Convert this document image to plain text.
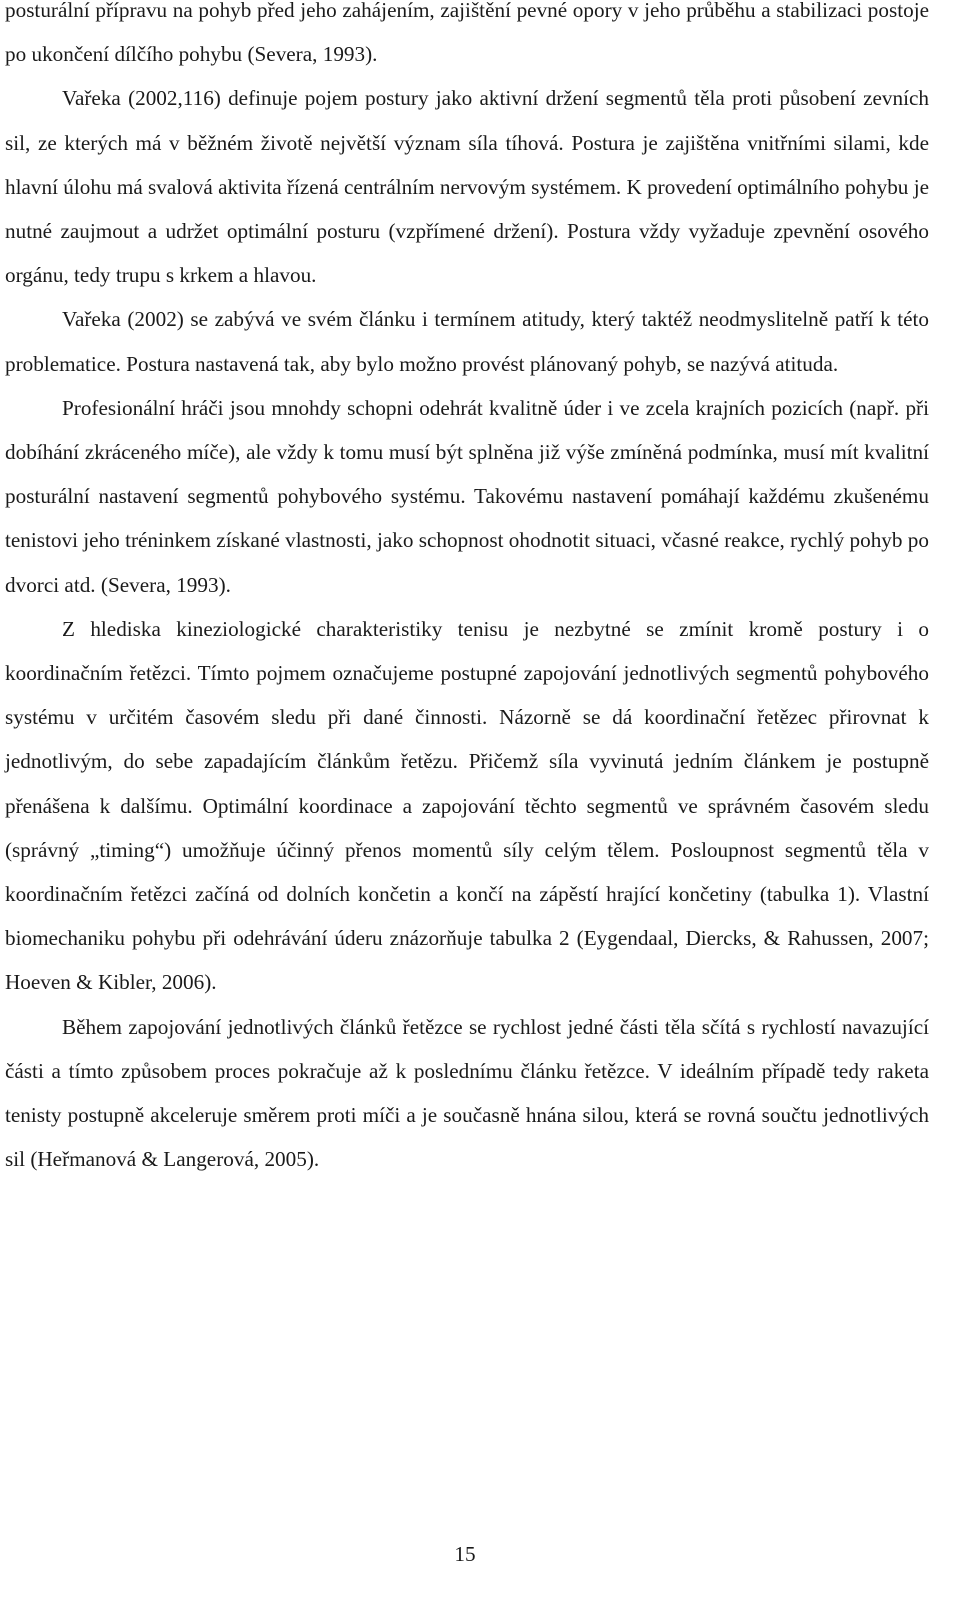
posturální přípravu na pohyb před jeho zahájením, zajištění pevné opory v jeho průběhu a stabilizaci postoje po ukončení dílčího pohybu (Severa, 1993).

Vařeka (2002,116) definuje pojem postury jako aktivní držení segmentů těla proti působení zevních sil, ze kterých má v běžném životě největší význam síla tíhová. Postura je zajištěna vnitřními silami, kde hlavní úlohu má svalová aktivita řízená centrálním nervovým systémem. K provedení optimálního pohybu je nutné zaujmout a udržet optimální posturu (vzpřímené držení). Postura vždy vyžaduje zpevnění osového orgánu, tedy trupu s krkem a hlavou.

Vařeka (2002) se zabývá ve svém článku i termínem atitudy, který taktéž neodmyslitelně patří k této problematice. Postura nastavená tak, aby bylo možno provést plánovaný pohyb, se nazývá atituda.

Profesionální hráči jsou mnohdy schopni odehrát kvalitně úder i ve zcela krajních pozicích (např. při dobíhání zkráceného míče), ale vždy k tomu musí být splněna již výše zmíněná podmínka, musí mít kvalitní posturální nastavení segmentů pohybového systému. Takovému nastavení pomáhají každému zkušenému tenistovi jeho tréninkem získané vlastnosti, jako schopnost ohodnotit situaci, včasné reakce, rychlý pohyb po dvorci atd. (Severa, 1993).

Z hlediska kineziologické charakteristiky tenisu je nezbytné se zmínit kromě postury i o koordinačním řetězci. Tímto pojmem označujeme postupné zapojování jednotlivých segmentů pohybového systému v určitém časovém sledu při dané činnosti. Názorně se dá koordinační řetězec přirovnat k jednotlivým, do sebe zapadajícím článkům řetězu. Přičemž síla vyvinutá jedním článkem je postupně přenášena k dalšímu. Optimální koordinace a zapojování těchto segmentů ve správném časovém sledu (správný „timing“) umožňuje účinný přenos momentů síly celým tělem. Posloupnost segmentů těla v koordinačním řetězci začíná od dolních končetin a končí na zápěstí hrající končetiny (tabulka 1). Vlastní biomechaniku pohybu při odehrávání úderu znázorňuje tabulka 2 (Eygendaal, Diercks, & Rahussen, 2007; Hoeven & Kibler, 2006).

Během zapojování jednotlivých článků řetězce se rychlost jedné části těla sčítá s rychlostí navazující části a tímto způsobem proces pokračuje až k poslednímu článku řetězce. V ideálním případě tedy raketa tenisty postupně akceleruje směrem proti míči a je současně hnána silou, která se rovná součtu jednotlivých sil (Heřmanová & Langerová, 2005).

15
